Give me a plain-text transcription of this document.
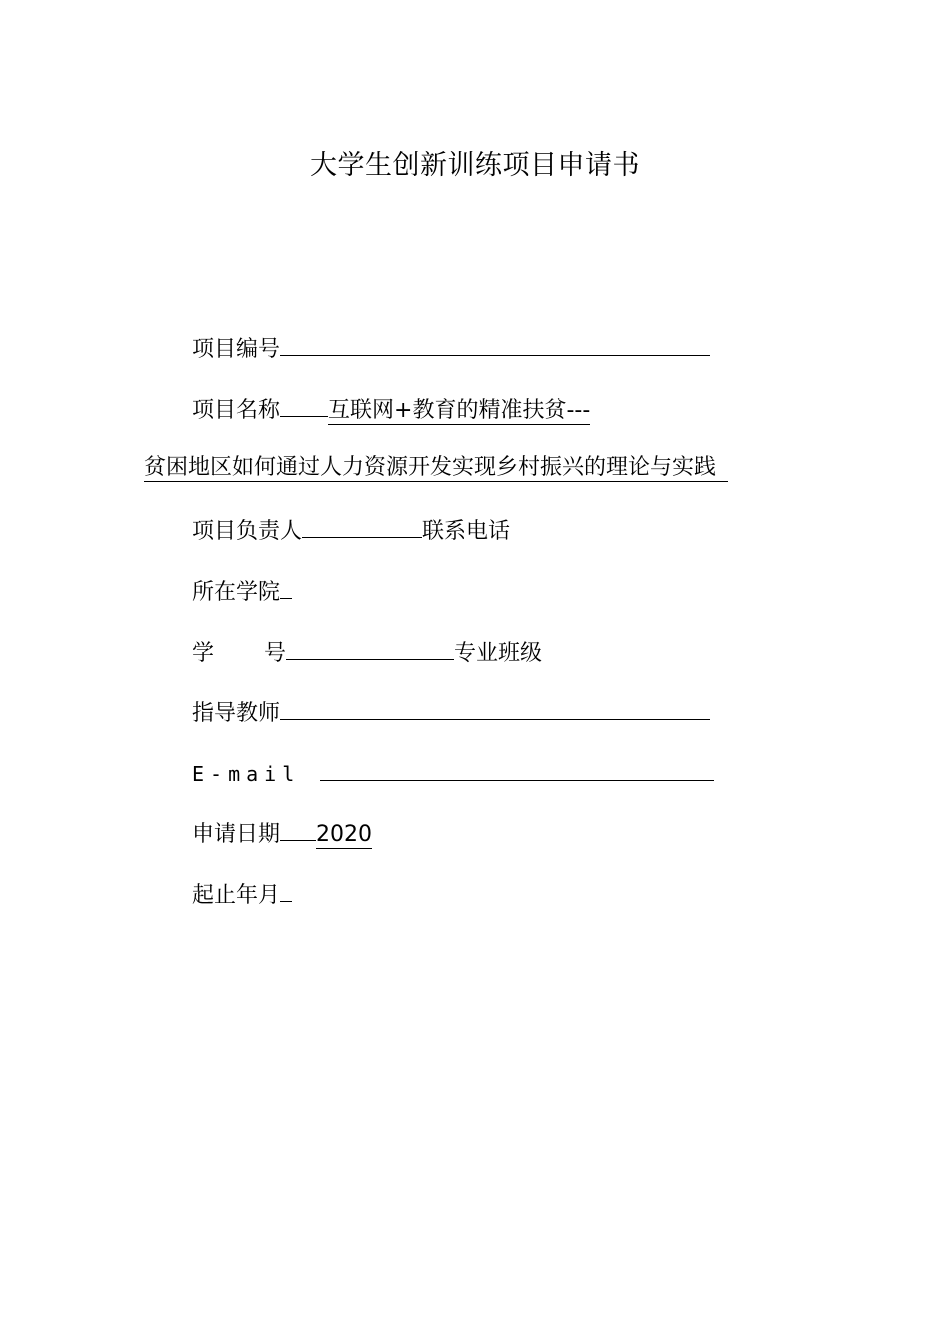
大学生创新训练项目申请书
项目编号
项目名称 互联网+教育的精准扶贫---
贫困地区如何通过人力资源开发实现乡村振兴的理论与实践
项目负责人	联系电话
所在学院
学 号	专业班级
指导教师
E-mail
申请日期 2020
起止年月
